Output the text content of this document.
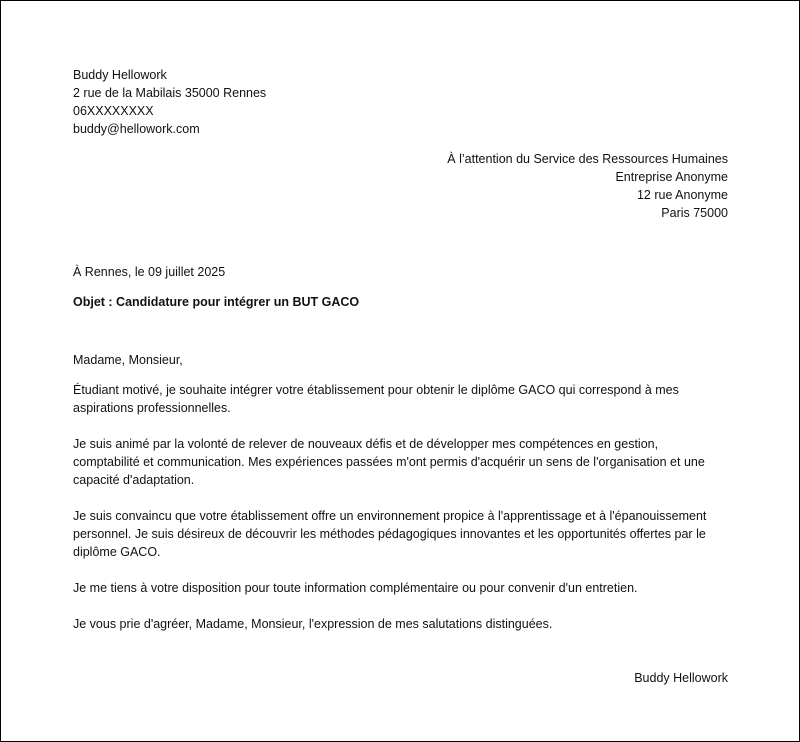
Buddy Hellowork

2 rue de la Mabilais 35000 Rennes

06XXXXXXXX

buddy@hellowork.com

À l’attention du Service des Ressources Humaines

Entreprise Anonyme

12 rue Anonyme

Paris 75000

À Rennes, le 09 juillet 2025

Objet : Candidature pour intégrer un BUT GACO

Madame, Monsieur,

Étudiant motivé, je souhaite intégrer votre établissement pour obtenir le diplôme GACO qui correspond à mes aspirations professionnelles.

Je suis animé par la volonté de relever de nouveaux défis et de développer mes compétences en gestion, comptabilité et communication. Mes expériences passées m'ont permis d'acquérir un sens de l'organisation et une capacité d'adaptation.

Je suis convaincu que votre établissement offre un environnement propice à l'apprentissage et à l'épanouissement personnel. Je suis désireux de découvrir les méthodes pédagogiques innovantes et les opportunités offertes par le diplôme GACO.

Je me tiens à votre disposition pour toute information complémentaire ou pour convenir d'un entretien.

Je vous prie d'agréer, Madame, Monsieur, l'expression de mes salutations distinguées.

Buddy Hellowork
